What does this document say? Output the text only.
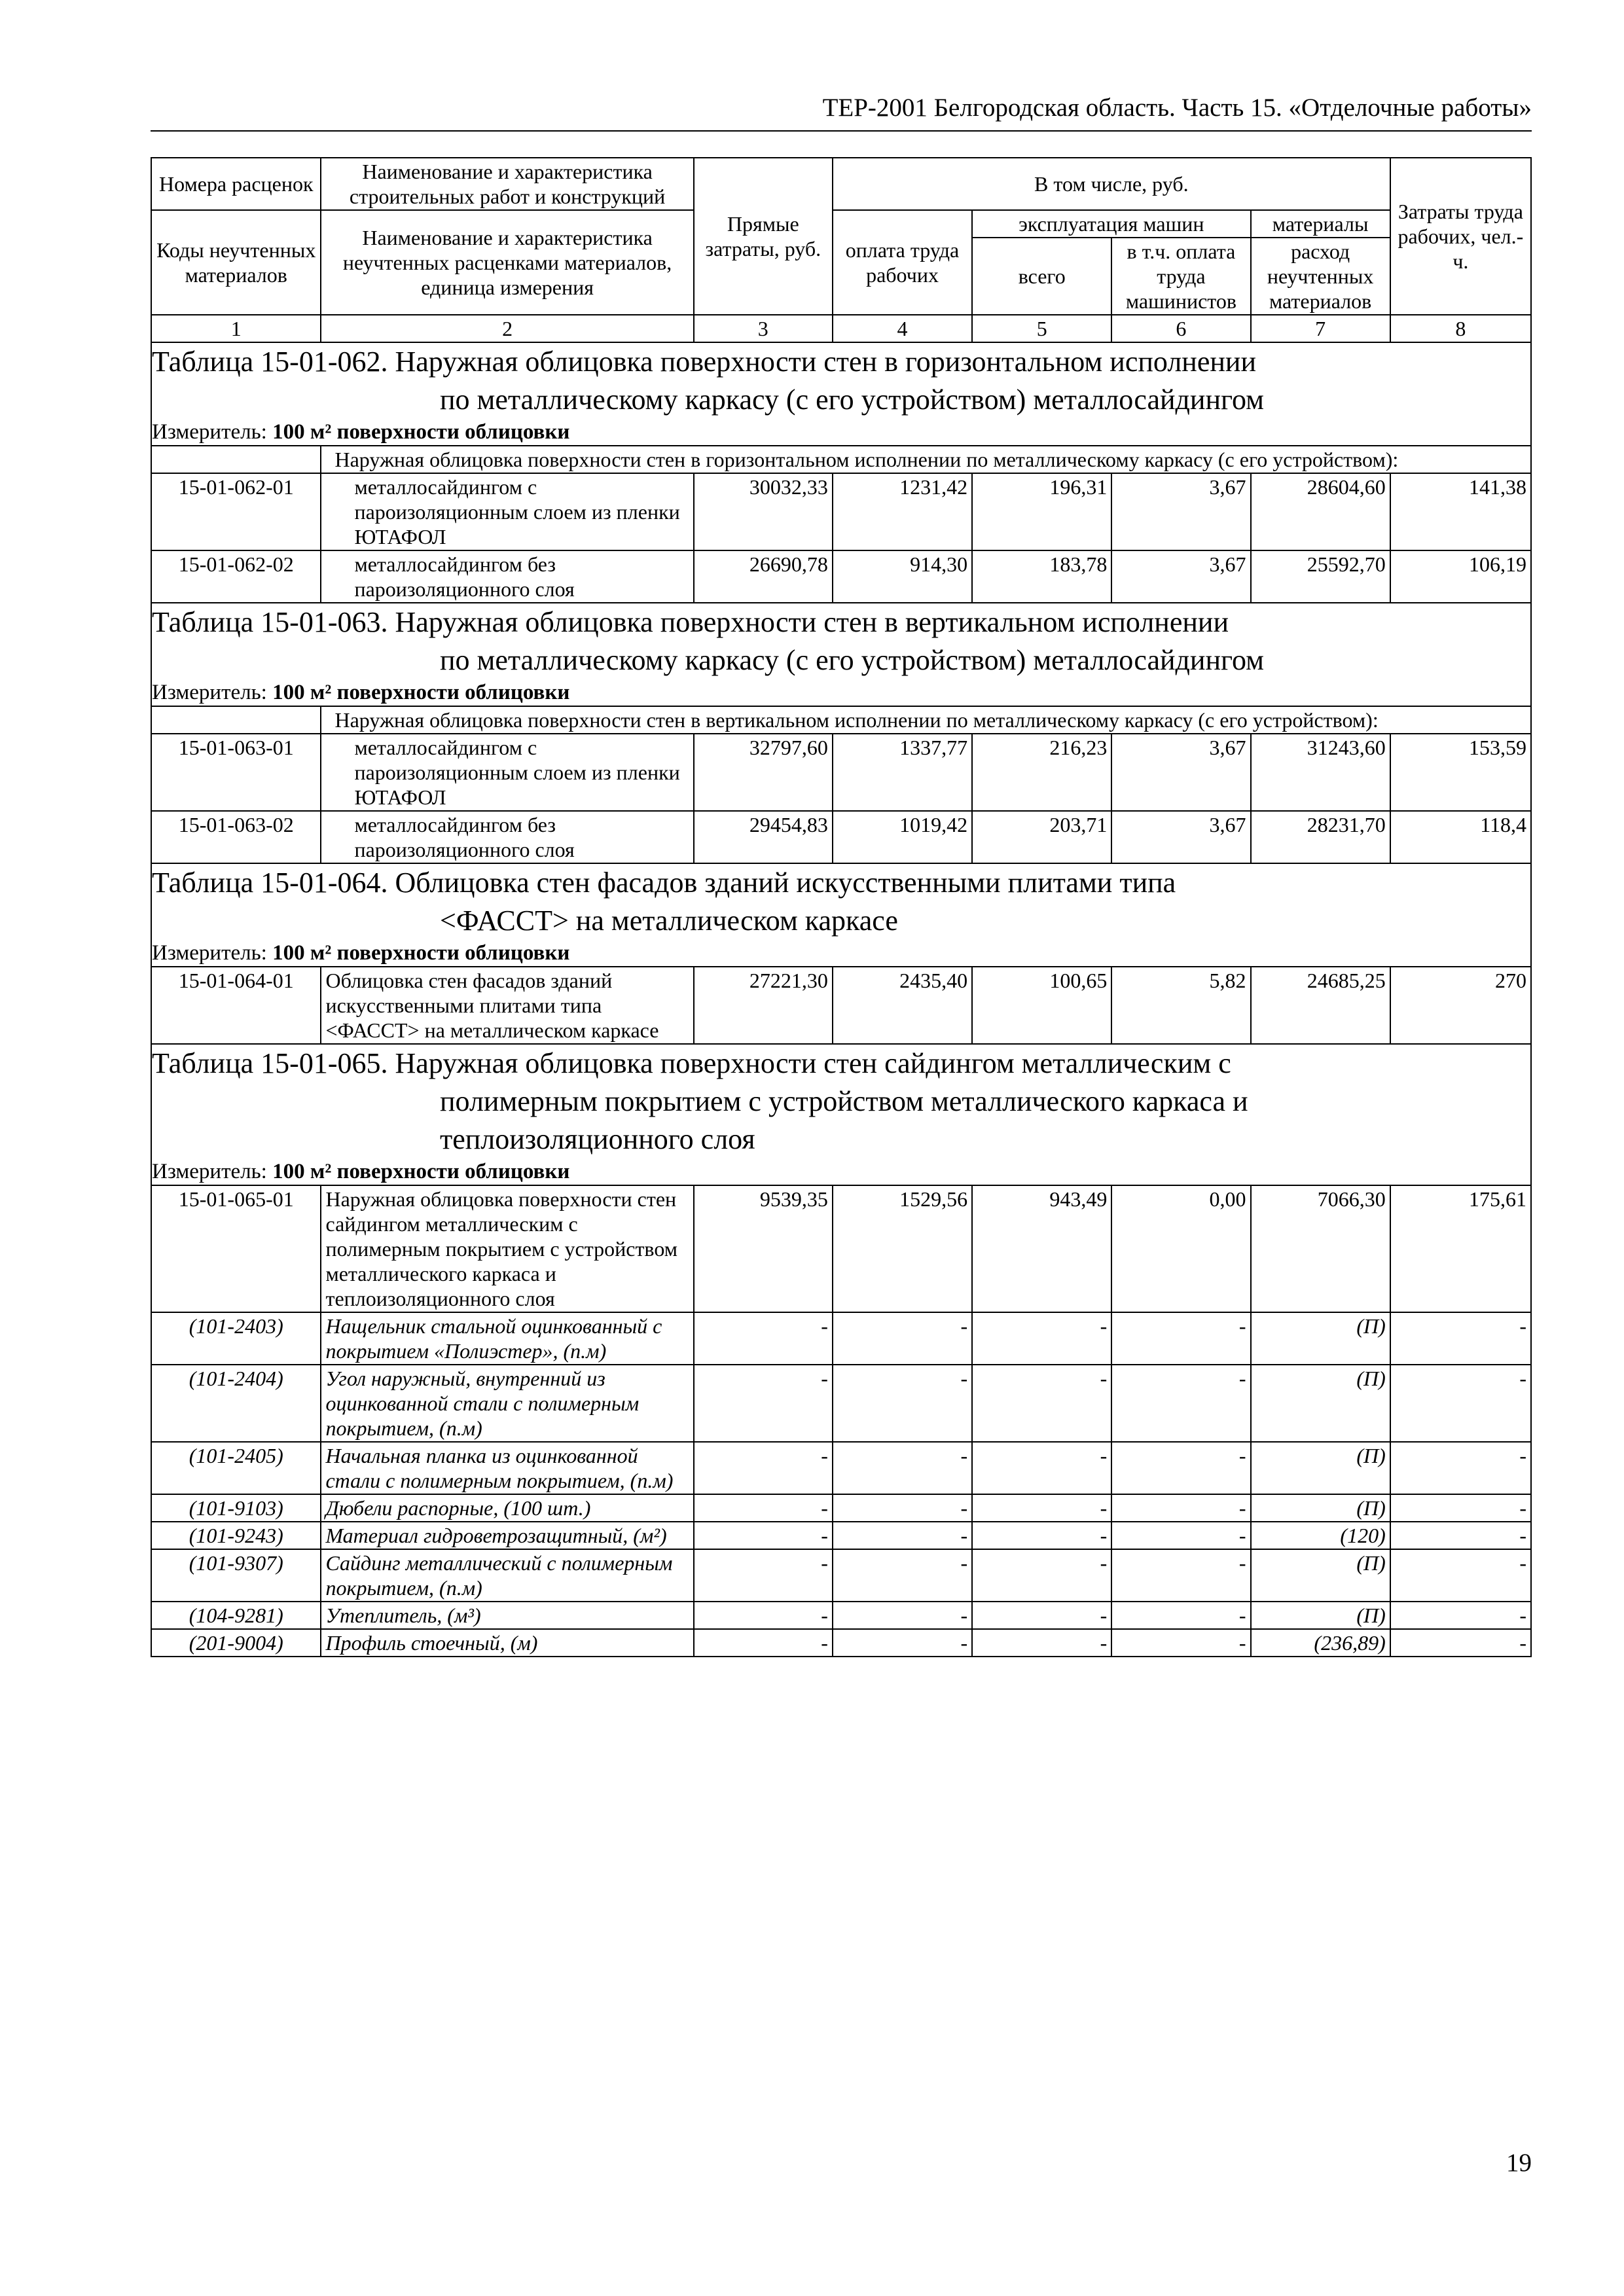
ТЕР-2001 Белгородская область. Часть 15. «Отделочные работы»
Номера расценок	Наименование и характеристика строительных работ и конструкций	Прямые затраты, руб.	В том числе, руб.				Затраты труда рабочих, чел.-ч.
Коды неучтенных материалов	Наименование и характеристика неучтенных расценками материалов, единица измерения		оплата труда рабочих	эксплуатация машин		материалы	
				всего	в т.ч. оплата труда машинистов	расход неучтенных материалов	
1	2	3	4	5	6	7	8
Таблица 15-01-062. Наружная облицовка поверхности стен в горизонтальном исполнении
по металлическому каркасу (с его устройством) металлосайдингом							

Измеритель: 100 м² поверхности облицовки							
	Наружная облицовка поверхности стен в горизонтальном исполнении по металлическому каркасу (с его устройством):						
15-01-062-01	металлосайдингом с пароизоляционным слоем из пленки ЮТАФОЛ	30032,33	1231,42	196,31	3,67	28604,60	141,38
15-01-062-02	металлосайдингом без пароизоляционного слоя	26690,78	914,30	183,78	3,67	25592,70	106,19
Таблица 15-01-063. Наружная облицовка поверхности стен в вертикальном исполнении
по металлическому каркасу (с его устройством) металлосайдингом							

Измеритель: 100 м² поверхности облицовки							
	Наружная облицовка поверхности стен в вертикальном исполнении по металлическому каркасу (с его устройством):						
15-01-063-01	металлосайдингом с пароизоляционным слоем из пленки ЮТАФОЛ	32797,60	1337,77	216,23	3,67	31243,60	153,59
15-01-063-02	металлосайдингом без пароизоляционного слоя	29454,83	1019,42	203,71	3,67	28231,70	118,4
Таблица 15-01-064. Облицовка стен фасадов зданий искусственными плитами типа
<ФАССТ> на металлическом каркасе							

Измеритель: 100 м² поверхности облицовки							
15-01-064-01	Облицовка стен фасадов зданий искусственными плитами типа <ФАССТ> на металлическом каркасе	27221,30	2435,40	100,65	5,82	24685,25	270
Таблица 15-01-065. Наружная облицовка поверхности стен сайдингом металлическим с
полимерным покрытием с устройством металлического каркаса и
теплоизоляционного слоя							

Измеритель: 100 м² поверхности облицовки							
15-01-065-01	Наружная облицовка поверхности стен сайдингом металлическим с полимерным покрытием с устройством металлического каркаса и теплоизоляционного слоя	9539,35	1529,56	943,49	0,00	7066,30	175,61
(101-2403)	Нащельник стальной оцинкованный с покрытием «Полиэстер», (п.м)	-	-	-	-	(П)	-
(101-2404)	Угол наружный, внутренний из оцинкованной стали с полимерным покрытием, (п.м)	-	-	-	-	(П)	-
(101-2405)	Начальная планка из оцинкованной стали с полимерным покрытием, (п.м)	-	-	-	-	(П)	-
(101-9103)	Дюбели распорные, (100 шт.)	-	-	-	-	(П)	-
(101-9243)	Материал гидроветрозащитный, (м²)	-	-	-	-	(120)	-
(101-9307)	Сайдинг металлический с полимерным покрытием, (п.м)	-	-	-	-	(П)	-
(104-9281)	Утеплитель, (м³)	-	-	-	-	(П)	-
(201-9004)	Профиль стоечный, (м)	-	-	-	-	(236,89)	-
19
